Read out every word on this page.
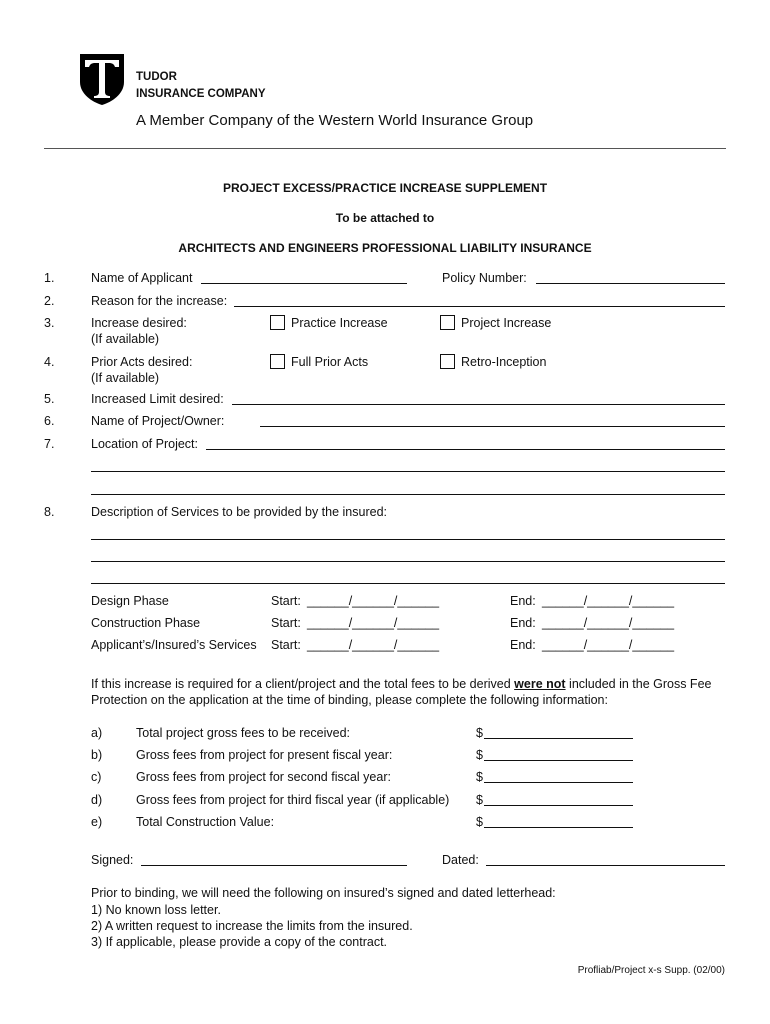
TUDOR
INSURANCE COMPANY
A Member Company of the Western World Insurance Group
PROJECT EXCESS/PRACTICE INCREASE SUPPLEMENT
To be attached to
ARCHITECTS AND ENGINEERS PROFESSIONAL LIABILITY INSURANCE
1.	Name of Applicant	Policy Number:
2.	Reason for the increase:
3.	Increase desired:
(If available)
Practice Increase	Project Increase
4.	Prior Acts desired:
(If available)
Full Prior Acts	Retro-Inception
5.	Increased Limit desired:
6.	Name of Project/Owner:
7.	Location of Project:
8.	Description of Services to be provided by the insured:
Design Phase	Start: ______/______/______	End: ______/______/______
Construction Phase	Start: ______/______/______	End: ______/______/______
Applicant’s/Insured’s Services Start: ______/______/______	End: ______/______/______
If this increase is required for a client/project and the total fees to be derived were not included in the Gross Fee Protection on the application at the time of binding, please complete the following information:
a)	Total project gross fees to be received:	$
b)	Gross fees from project for present fiscal year:	$
c)	Gross fees from project for second fiscal year:	$
d)	Gross fees from project for third fiscal year (if applicable) $
e)	Total Construction Value:	$
Signed:	Dated:
Prior to binding, we will need the following on insured’s signed and dated letterhead:
1) No known loss letter.
2) A written request to increase the limits from the insured.
3) If applicable, please provide a copy of the contract.
Profliab/Project x-s Supp. (02/00)
